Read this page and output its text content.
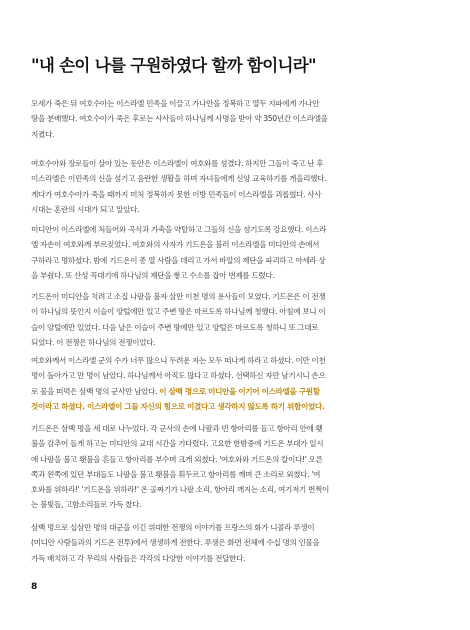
"내 손이 나를 구원하였다 할까 함이니라"

모세가 죽은 뒤 여호수아는 이스라엘 민족을 이끌고 가나안을 정복하고 열두 지파에게 가나안
땅을 분배했다. 여호수아가 죽은 후로는 사사들이 하나님께 사명을 받아 약 350년간 이스라엘을
지켰다.

여호수아와 장로들이 살아 있는 동안은 이스라엘이 여호와를 섬겼다. 하지만 그들이 죽고 난 후
이스라엘은 이민족의 신을 섬기고 음란한 생활을 하며 자녀들에게 신앙 교육하기를 게을리했다.
게다가 여호수아가 죽을 때까지 미처 정복하지 못한 이방 민족들이 이스라엘을 괴롭혔다. 사사
시대는 혼란의 시대가 되고 말았다.

미디안이 이스라엘에 처들어와 곡식과 가축을 약탈하고 그들의 신을 섬기도록 강요했다. 이스라
엘 자손이 여호와께 부르짖었다. 여호와의 사자가 기드온을 불러 이스라엘을 미디안의 손에서
구하라고 명하셨다. 밤에 기드온이 종 열 사람을 데리고 가서 바알의 제단을 파괴하고 아세라 상
을 부쉈다. 또 산성 꼭대기에 하나님의 제단을 쌓고 수소를 잡아 번제를 드렸다.

기드온이 미디안을 치려고 소집 나팔을 불자 삼만 이천 명의 용사들이 모였다. 기드온은 이 전쟁
이 하나님의 뜻인지 이슬이 양털에만 있고 주변 땅은 마르도록 하나님께 청했다. 아침에 보니 이
슬이 양털에만 있었다. 다음 날은 이슬이 주변 땅에만 있고 양털은 마르도록 청하니 또 그대로
되었다. 이 전쟁은 하나님의 전쟁이었다.

여호와께서 이스라엘 군의 수가 너무 많으니 두려운 자는 모두 떠나게 하라고 하셨다. 이만 이천
명이 돌아가고 만 명이 남았다. 하나님께서 아직도 많다고 하셨다. 선택하신 자만 남기시니 손으
로 물을 떠먹은 삼백 명의 군사만 남았다. 이 삼백 명으로 미디안을 이기어 이스라엘을 구원할
것이라고 하셨다. 이스라엘이 그들 자신의 힘으로 이겼다고 생각하지 않도록 하기 위함이었다.

기드온은 삼백 명을 세 대로 나누었다. 각 군사의 손에 나팔과 빈 항아리를 들고 항아리 안에 횃
불을 감추어 들게 하고는 미디안의 교대 시간을 기다렸다. 고요한 한밤중에 기드온 부대가 일시
에 나팔을 불고 횃불을 흔들고 항아리를 부수며 크게 외쳤다. '여호와와 기드온의 칼이다!' 오른
쪽과 왼쪽에 있던 부대들도 나팔을 불고 횃불을 휘두르고 항아리를 깨며 큰 소리로 외쳤다. '여
호와를 위하라!' '기드온을 위하라!' 온 골짜기가 나팔 소리, 항아리 깨지는 소리, 여기저기 번쩍이
는 불빛들, 고함소리들로 가득 찼다.

삼백 명으로 십삼만 명의 대군을 이긴 위대한 전쟁의 이야기를 프랑스의 화가 니콜라 푸생이
(미디안 사람들과의 기드온 전투)에서 생생하게 전한다. 푸생은 화면 전체에 수십 명의 인물을
가득 배치하고 각 무리의 사람들은 각각의 다양한 이야기를 전달한다.

8
